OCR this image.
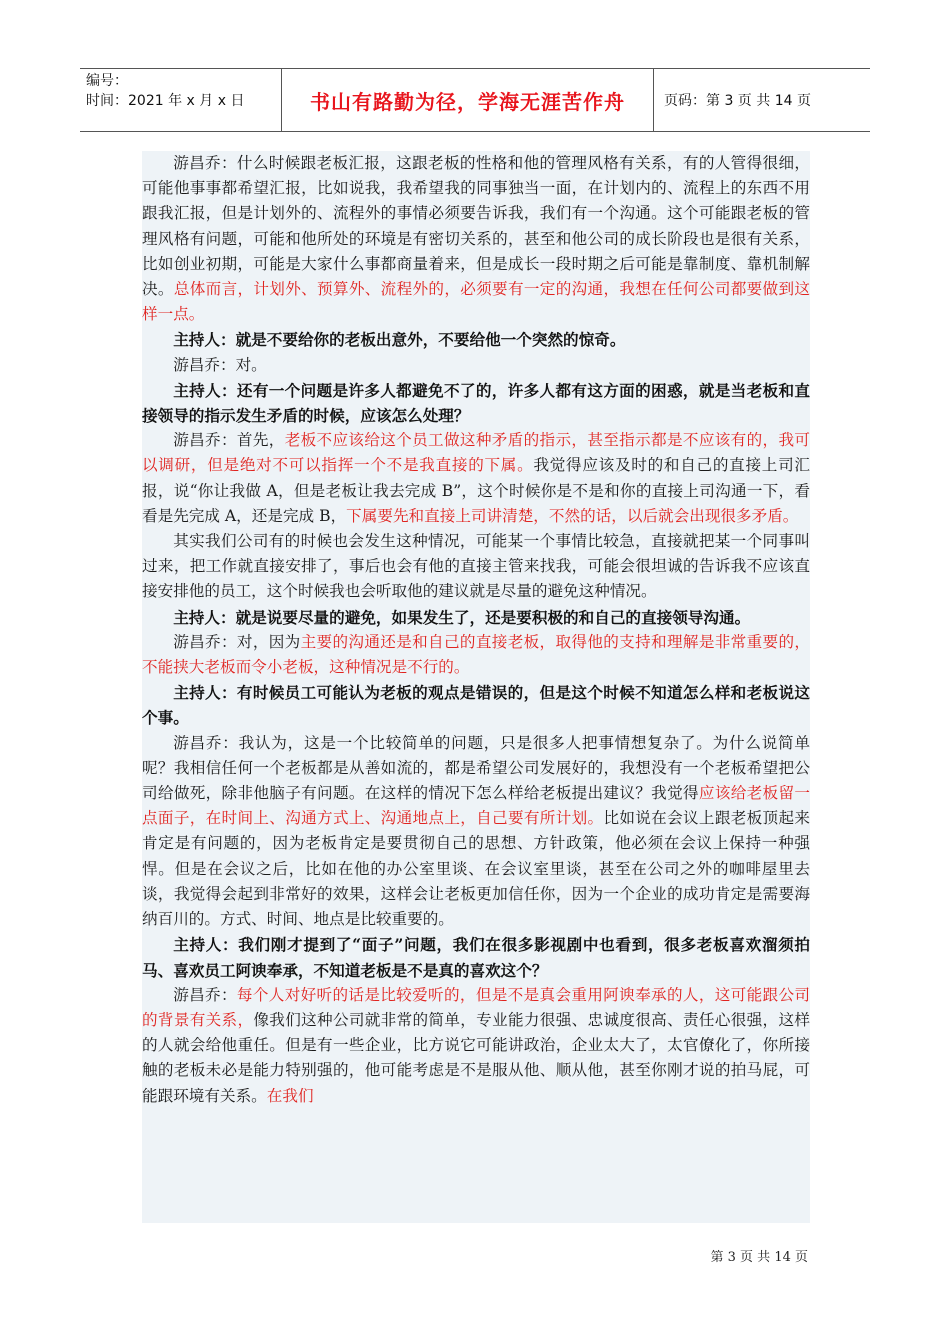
编号：
时间：2021 年 x 月 x 日	书山有路勤为径，学海无涯苦作舟	页码：第 3 页 共 14 页

游昌乔：什么时候跟老板汇报，这跟老板的性格和他的管理风格有关系，有的人管得很细，可能他事事都希望汇报，比如说我，我希望我的同事独当一面，在计划内的、流程上的东西不用跟我汇报，但是计划外的、流程外的事情必须要告诉我，我们有一个沟通。这个可能跟老板的管理风格有问题，可能和他所处的环境是有密切关系的，甚至和他公司的成长阶段也是很有关系，比如创业初期，可能是大家什么事都商量着来，但是成长一段时期之后可能是靠制度、靠机制解决。总体而言，计划外、预算外、流程外的，必须要有一定的沟通，我想在任何公司都要做到这样一点。

主持人：就是不要给你的老板出意外，不要给他一个突然的惊奇。

游昌乔：对。

主持人：还有一个问题是许多人都避免不了的，许多人都有这方面的困惑，就是当老板和直接领导的指示发生矛盾的时候，应该怎么处理？

游昌乔：首先，老板不应该给这个员工做这种矛盾的指示，甚至指示都是不应该有的，我可以调研，但是绝对不可以指挥一个不是我直接的下属。我觉得应该及时的和自己的直接上司汇报，说“你让我做 A，但是老板让我去完成 B”，这个时候你是不是和你的直接上司沟通一下，看看是先完成 A，还是完成 B，下属要先和直接上司讲清楚，不然的话，以后就会出现很多矛盾。

其实我们公司有的时候也会发生这种情况，可能某一个事情比较急，直接就把某一个同事叫过来，把工作就直接安排了，事后也会有他的直接主管来找我，可能会很坦诚的告诉我不应该直接安排他的员工，这个时候我也会听取他的建议就是尽量的避免这种情况。

主持人：就是说要尽量的避免，如果发生了，还是要积极的和自己的直接领导沟通。

游昌乔：对，因为主要的沟通还是和自己的直接老板，取得他的支持和理解是非常重要的，不能挟大老板而令小老板，这种情况是不行的。

主持人：有时候员工可能认为老板的观点是错误的，但是这个时候不知道怎么样和老板说这个事。

游昌乔：我认为，这是一个比较简单的问题，只是很多人把事情想复杂了。为什么说简单呢？我相信任何一个老板都是从善如流的，都是希望公司发展好的，我想没有一个老板希望把公司给做死，除非他脑子有问题。在这样的情况下怎么样给老板提出建议？我觉得应该给老板留一点面子，在时间上、沟通方式上、沟通地点上，自己要有所计划。比如说在会议上跟老板顶起来肯定是有问题的，因为老板肯定是要贯彻自己的思想、方针政策，他必须在会议上保持一种强悍。但是在会议之后，比如在他的办公室里谈、在会议室里谈，甚至在公司之外的咖啡屋里去谈，我觉得会起到非常好的效果，这样会让老板更加信任你，因为一个企业的成功肯定是需要海纳百川的。方式、时间、地点是比较重要的。

主持人：我们刚才提到了“面子”问题，我们在很多影视剧中也看到，很多老板喜欢溜须拍马、喜欢员工阿谀奉承，不知道老板是不是真的喜欢这个？

游昌乔：每个人对好听的话是比较爱听的，但是不是真会重用阿谀奉承的人，这可能跟公司的背景有关系，像我们这种公司就非常的简单，专业能力很强、忠诚度很高、责任心很强，这样的人就会给他重任。但是有一些企业，比方说它可能讲政治，企业太大了，太官僚化了，你所接触的老板未必是能力特别强的，他可能考虑是不是服从他、顺从他，甚至你刚才说的拍马屁，可能跟环境有关系。在我们

第 3 页 共 14 页
